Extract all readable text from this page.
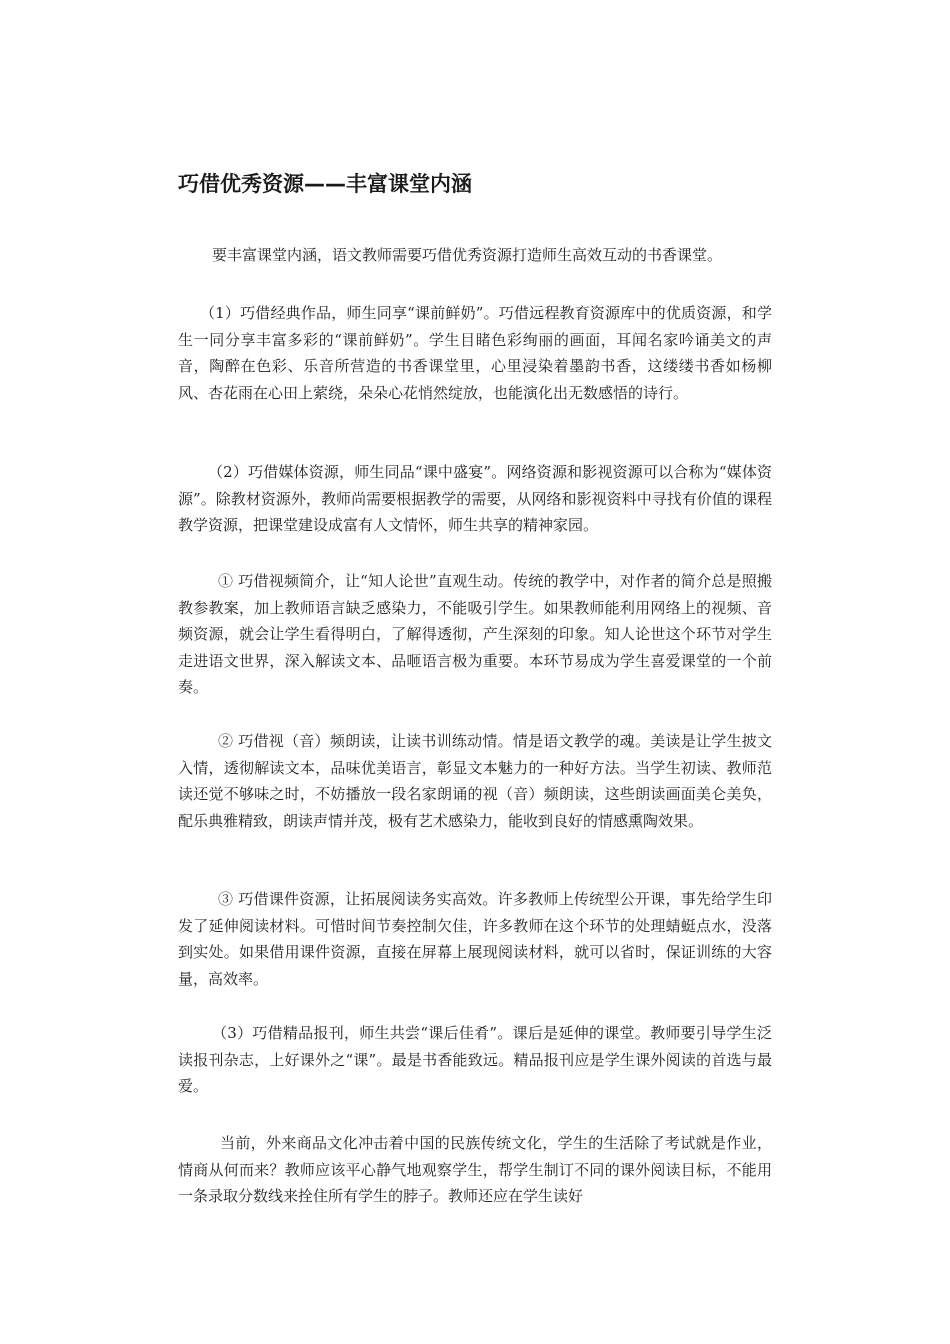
巧借优秀资源——丰富课堂内涵

要丰富课堂内涵，语文教师需要巧借优秀资源打造师生高效互动的书香课堂。

（1）巧借经典作品，师生同享“课前鲜奶”。巧借远程教育资源库中的优质资源，和学生一同分享丰富多彩的“课前鲜奶”。学生目睹色彩绚丽的画面，耳闻名家吟诵美文的声音，陶醉在色彩、乐音所营造的书香课堂里，心里浸染着墨韵书香，这缕缕书香如杨柳风、杏花雨在心田上萦绕，朵朵心花悄然绽放，也能演化出无数感悟的诗行。

（2）巧借媒体资源，师生同品“课中盛宴”。网络资源和影视资源可以合称为“媒体资源”。除教材资源外，教师尚需要根据教学的需要，从网络和影视资料中寻找有价值的课程教学资源，把课堂建设成富有人文情怀，师生共享的精神家园。

① 巧借视频简介，让“知人论世”直观生动。传统的教学中，对作者的简介总是照搬教参教案，加上教师语言缺乏感染力，不能吸引学生。如果教师能利用网络上的视频、音频资源，就会让学生看得明白，了解得透彻，产生深刻的印象。知人论世这个环节对学生走进语文世界，深入解读文本、品咂语言极为重要。本环节易成为学生喜爱课堂的一个前奏。

② 巧借视（音）频朗读，让读书训练动情。情是语文教学的魂。美读是让学生披文入情，透彻解读文本，品味优美语言，彰显文本魅力的一种好方法。当学生初读、教师范读还觉不够味之时，不妨播放一段名家朗诵的视（音）频朗读，这些朗读画面美仑美奂，配乐典雅精致，朗读声情并茂，极有艺术感染力，能收到良好的情感熏陶效果。

③ 巧借课件资源，让拓展阅读务实高效。许多教师上传统型公开课，事先给学生印发了延伸阅读材料。可惜时间节奏控制欠佳，许多教师在这个环节的处理蜻蜓点水，没落到实处。如果借用课件资源，直接在屏幕上展现阅读材料，就可以省时，保证训练的大容量，高效率。

（3）巧借精品报刊，师生共尝“课后佳肴”。课后是延伸的课堂。教师要引导学生泛读报刊杂志，上好课外之“课”。最是书香能致远。精品报刊应是学生课外阅读的首选与最爱。

当前，外来商品文化冲击着中国的民族传统文化，学生的生活除了考试就是作业，情商从何而来？教师应该平心静气地观察学生，帮学生制订不同的课外阅读目标，不能用一条录取分数线来拴住所有学生的脖子。教师还应在学生读好
